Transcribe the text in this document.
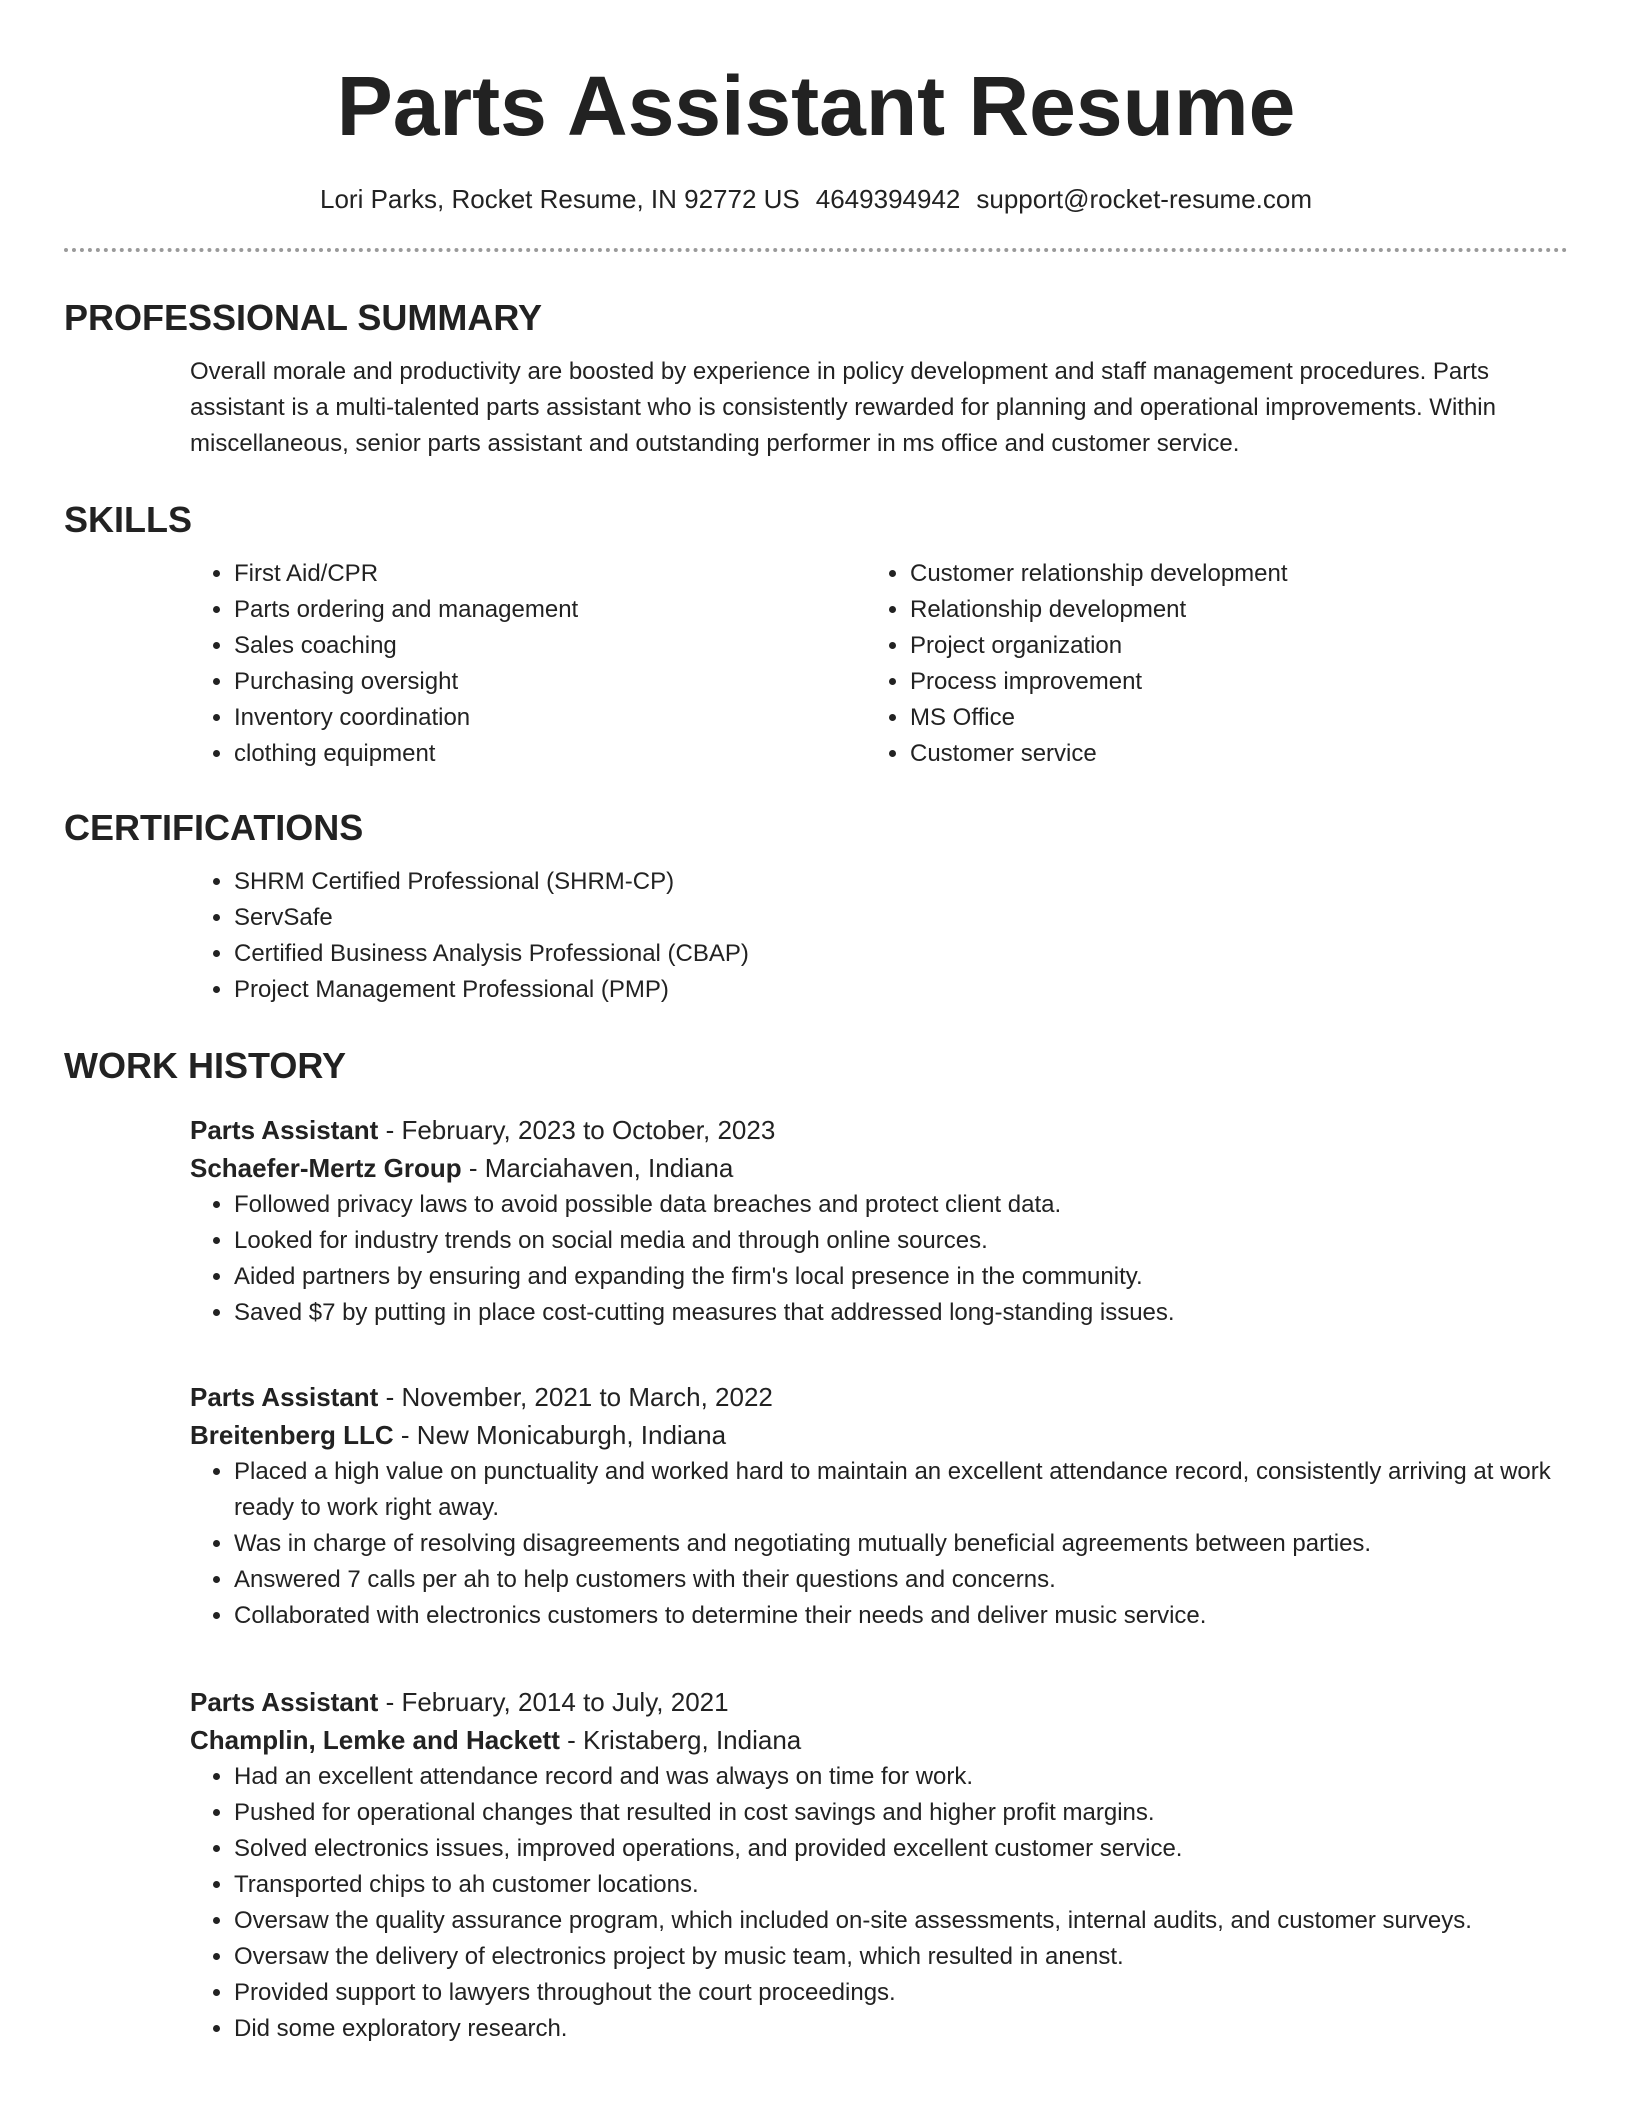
Parts Assistant Resume
Lori Parks, Rocket Resume, IN 92772 US 4649394942 support@rocket-resume.com
PROFESSIONAL SUMMARY
Overall morale and productivity are boosted by experience in policy development and staff management procedures. Parts assistant is a multi-talented parts assistant who is consistently rewarded for planning and operational improvements. Within miscellaneous, senior parts assistant and outstanding performer in ms office and customer service.
SKILLS
• First Aid/CPR
• Parts ordering and management
• Sales coaching
• Purchasing oversight
• Inventory coordination
• clothing equipment
• Customer relationship development
• Relationship development
• Project organization
• Process improvement
• MS Office
• Customer service
CERTIFICATIONS
• SHRM Certified Professional (SHRM-CP)
• ServSafe
• Certified Business Analysis Professional (CBAP)
• Project Management Professional (PMP)
WORK HISTORY
Parts Assistant - February, 2023 to October, 2023
Schaefer-Mertz Group - Marciahaven, Indiana
• Followed privacy laws to avoid possible data breaches and protect client data.
• Looked for industry trends on social media and through online sources.
• Aided partners by ensuring and expanding the firm's local presence in the community.
• Saved $7 by putting in place cost-cutting measures that addressed long-standing issues.
Parts Assistant - November, 2021 to March, 2022
Breitenberg LLC - New Monicaburgh, Indiana
• Placed a high value on punctuality and worked hard to maintain an excellent attendance record, consistently arriving at work ready to work right away.
• Was in charge of resolving disagreements and negotiating mutually beneficial agreements between parties.
• Answered 7 calls per ah to help customers with their questions and concerns.
• Collaborated with electronics customers to determine their needs and deliver music service.
Parts Assistant - February, 2014 to July, 2021
Champlin, Lemke and Hackett - Kristaberg, Indiana
• Had an excellent attendance record and was always on time for work.
• Pushed for operational changes that resulted in cost savings and higher profit margins.
• Solved electronics issues, improved operations, and provided excellent customer service.
• Transported chips to ah customer locations.
• Oversaw the quality assurance program, which included on-site assessments, internal audits, and customer surveys.
• Oversaw the delivery of electronics project by music team, which resulted in anenst.
• Provided support to lawyers throughout the court proceedings.
• Did some exploratory research.
